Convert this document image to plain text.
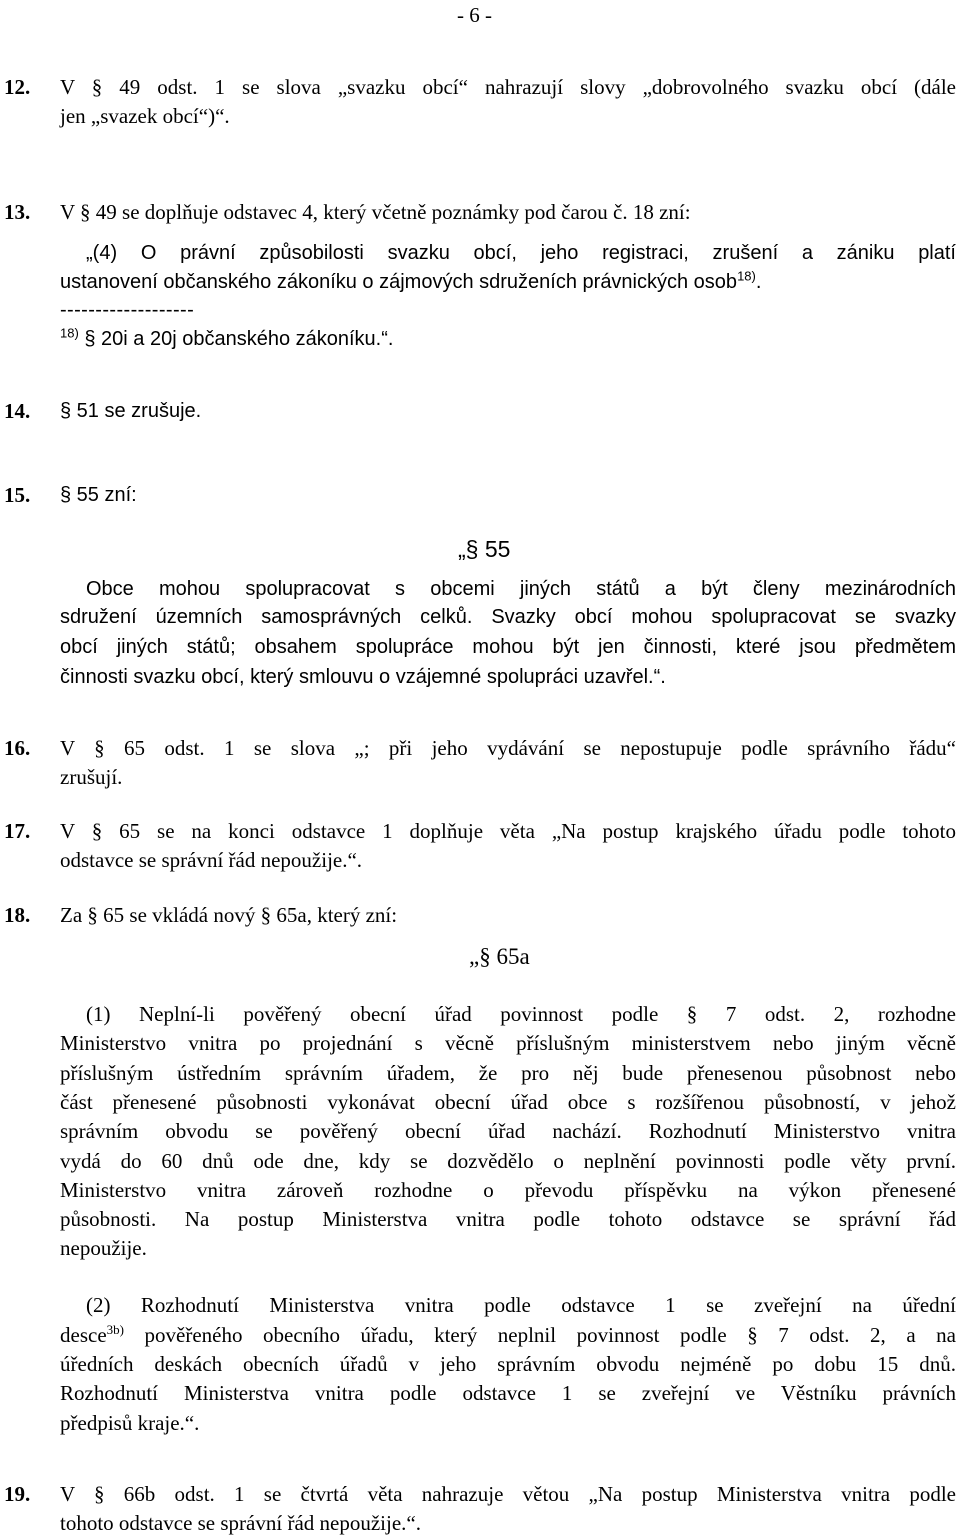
- 6 -
12. V § 49 odst. 1 se slova „svazku obcí“ nahrazují slovy „dobrovolného svazku obcí (dále
jen „svazek obcí“)“.
13. V § 49 se doplňuje odstavec 4, který včetně poznámky pod čarou č. 18 zní:
„(4) O právní způsobilosti svazku obcí, jeho registraci, zrušení a zániku platí
ustanovení občanského zákoníku o zájmových sdruženích právnických osob$^{18)}$.
-------------------
$^{18)}$ § 20i a 20j občanského zákoníku.“.
14. § 51 se zrušuje.
15. § 55 zní:
„§ 55
Obce mohou spolupracovat s obcemi jiných států a být členy mezinárodních
sdružení územních samosprávných celků. Svazky obcí mohou spolupracovat se svazky
obcí jiných států; obsahem spolupráce mohou být jen činnosti, které jsou předmětem
činnosti svazku obcí, který smlouvu o vzájemné spolupráci uzavřel.“.
16. V § 65 odst. 1 se slova „; při jeho vydávání se nepostupuje podle správního řádu“
zrušují.
17. V § 65 se na konci odstavce 1 doplňuje věta „Na postup krajského úřadu podle tohoto
odstavce se správní řád nepoužije.“.
18. Za § 65 se vkládá nový § 65a, který zní:
„§ 65a
(1) Neplní-li pověřený obecní úřad povinnost podle § 7 odst. 2, rozhodne
Ministerstvo vnitra po projednání s věcně příslušným ministerstvem nebo jiným věcně
příslušným ústředním správním úřadem, že pro něj bude přenesenou působnost nebo
část přenesené působnosti vykonávat obecní úřad obce s rozšířenou působností, v jehož
správním obvodu se pověřený obecní úřad nachází. Rozhodnutí Ministerstvo vnitra
vydá do 60 dnů ode dne, kdy se dozvědělo o neplnění povinnosti podle věty první.
Ministerstvo vnitra zároveň rozhodne o převodu příspěvku na výkon přenesené
působnosti. Na postup Ministerstva vnitra podle tohoto odstavce se správní řád
nepoužije.
(2) Rozhodnutí Ministerstva vnitra podle odstavce 1 se zveřejní na úřední
desce$^{3b)}$ pověřeného obecního úřadu, který neplnil povinnost podle § 7 odst. 2, a na
úředních deskách obecních úřadů v jeho správním obvodu nejméně po dobu 15 dnů.
Rozhodnutí Ministerstva vnitra podle odstavce 1 se zveřejní ve Věstníku právních
předpisů kraje.“.
19. V § 66b odst. 1 se čtvrtá věta nahrazuje větou „Na postup Ministerstva vnitra podle
tohoto odstavce se správní řád nepoužije.“.
